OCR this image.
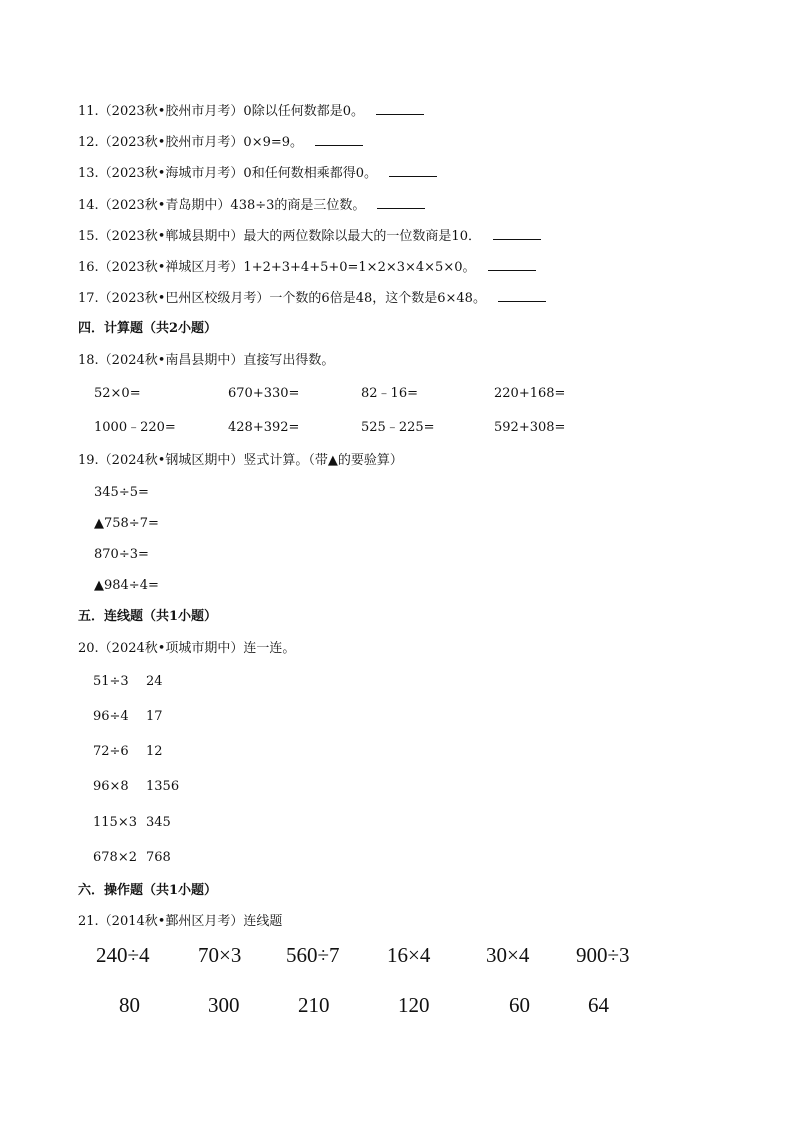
11.（2023秋•胶州市月考）0除以任何数都是0。
12.（2023秋•胶州市月考）0×9=9。
13.（2023秋•海城市月考）0和任何数相乘都得0。
14.（2023秋•青岛期中）438÷3的商是三位数。
15.（2023秋•郸城县期中）最大的两位数除以最大的一位数商是10．
16.（2023秋•禅城区月考）1+2+3+4+5+0=1×2×3×4×5×0。
17.（2023秋•巴州区校级月考）一个数的6倍是48，这个数是6×48。
四．计算题（共2小题）
18.（2024秋•南昌县期中）直接写出得数。
52×0=	670+330=	82﹣16=	220+168=
1000﹣220=	428+392=	525﹣225=	592+308=
19.（2024秋•钢城区期中）竖式计算。（带▲的要验算）
345÷5=
▲758÷7=
870÷3=
▲984÷4=
五．连线题（共1小题）
20.（2024秋•项城市期中）连一连。
51÷3 24
96÷4 17
72÷6 12
96×8 1356
115×3 345
678×2 768
六．操作题（共1小题）
21.（2014秋•鄞州区月考）连线题
240÷4 70×3 560÷7 16×4	30×4 900÷3
80	300	210	120	60	64
